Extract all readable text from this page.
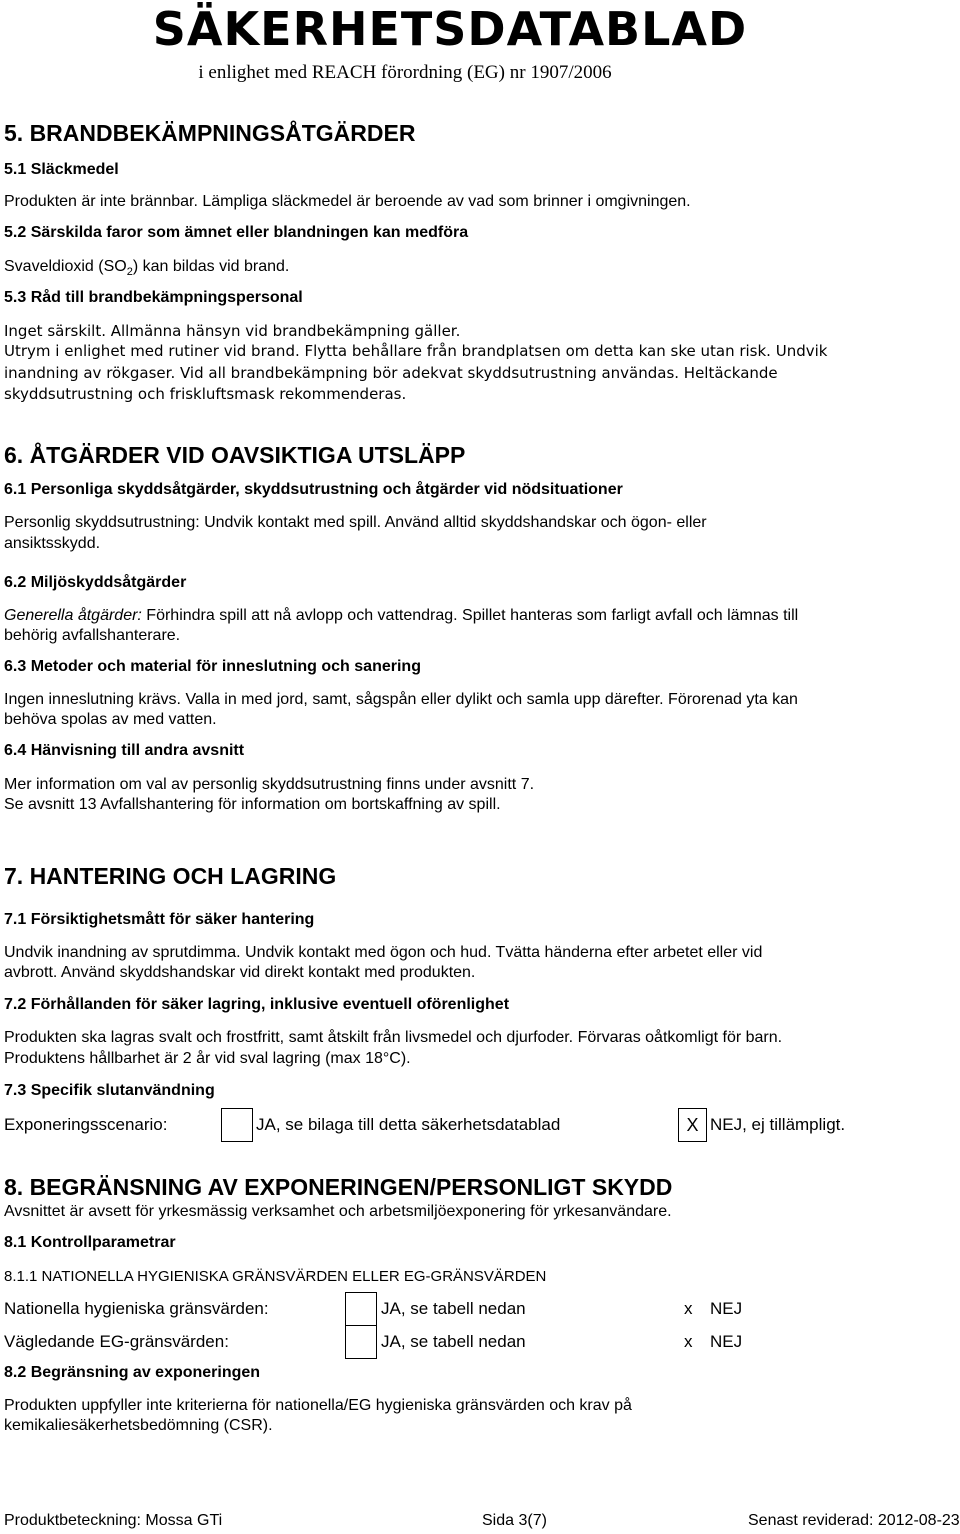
SÄKERHETSDATABLAD
i enlighet med REACH förordning (EG) nr 1907/2006
5. BRANDBEKÄMPNINGSÅTGÄRDER
5.1 Släckmedel
Produkten är inte brännbar. Lämpliga släckmedel är beroende av vad som brinner i omgivningen.
5.2 Särskilda faror som ämnet eller blandningen kan medföra
Svaveldioxid $(SO_2)$ kan bildas vid brand.
5.3 Råd till brandbekämpningspersonal
Inget särskilt. Allmänna hänsyn vid brandbekämpning gäller.
Utrym i enlighet med rutiner vid brand. Flytta behållare från brandplatsen om detta kan ske utan risk. Undvik
inandning av rökgaser. Vid all brandbekämpning bör adekvat skyddsutrustning användas. Heltäckande
skyddsutrustning och friskluftsmask rekommenderas.
6. ÅTGÄRDER VID OAVSIKTIGA UTSLÄPP
6.1 Personliga skyddsåtgärder, skyddsutrustning och åtgärder vid nödsituationer
Personlig skyddsutrustning: Undvik kontakt med spill. Använd alltid skyddshandskar och ögon- eller
ansiktsskydd.
6.2 Miljöskyddsåtgärder
Generella åtgärder: Förhindra spill att nå avlopp och vattendrag. Spillet hanteras som farligt avfall och lämnas till
behörig avfallshanterare.
6.3 Metoder och material för inneslutning och sanering
Ingen inneslutning krävs. Valla in med jord, samt, sågspån eller dylikt och samla upp därefter. Förorenad yta kan
behöva spolas av med vatten.
6.4 Hänvisning till andra avsnitt
Mer information om val av personlig skyddsutrustning finns under avsnitt 7.
Se avsnitt 13 Avfallshantering för information om bortskaffning av spill.
7. HANTERING OCH LAGRING
7.1 Försiktighetsmått för säker hantering
Undvik inandning av sprutdimma. Undvik kontakt med ögon och hud. Tvätta händerna efter arbetet eller vid
avbrott. Använd skyddshandskar vid direkt kontakt med produkten.
7.2 Förhållanden för säker lagring, inklusive eventuell oförenlighet
Produkten ska lagras svalt och frostfritt, samt åtskilt från livsmedel och djurfoder. Förvaras oåtkomligt för barn.
Produktens hållbarhet är 2 år vid sval lagring (max 18°C).
7.3 Specifik slutanvändning
Exponeringsscenario:	JA, se bilaga till detta säkerhetsdatablad	X NEJ, ej tillämpligt.
8. BEGRÄNSNING AV EXPONERINGEN/PERSONLIGT SKYDD
Avsnittet är avsett för yrkesmässig verksamhet och arbetsmiljöexponering för yrkesanvändare.
8.1 Kontrollparametrar
8.1.1 NATIONELLA HYGIENISKA GRÄNSVÄRDEN ELLER EG-GRÄNSVÄRDEN
Nationella hygieniska gränsvärden:	JA, se tabell nedan	x NEJ
Vägledande EG-gränsvärden:	JA, se tabell nedan	x NEJ
8.2 Begränsning av exponeringen
Produkten uppfyller inte kriterierna för nationella/EG hygieniska gränsvärden och krav på
kemikaliesäkerhetsbedömning (CSR).
Produktbeteckning: Mossa GTi	Sida 3(7)	Senast reviderad: 2012-08-23
